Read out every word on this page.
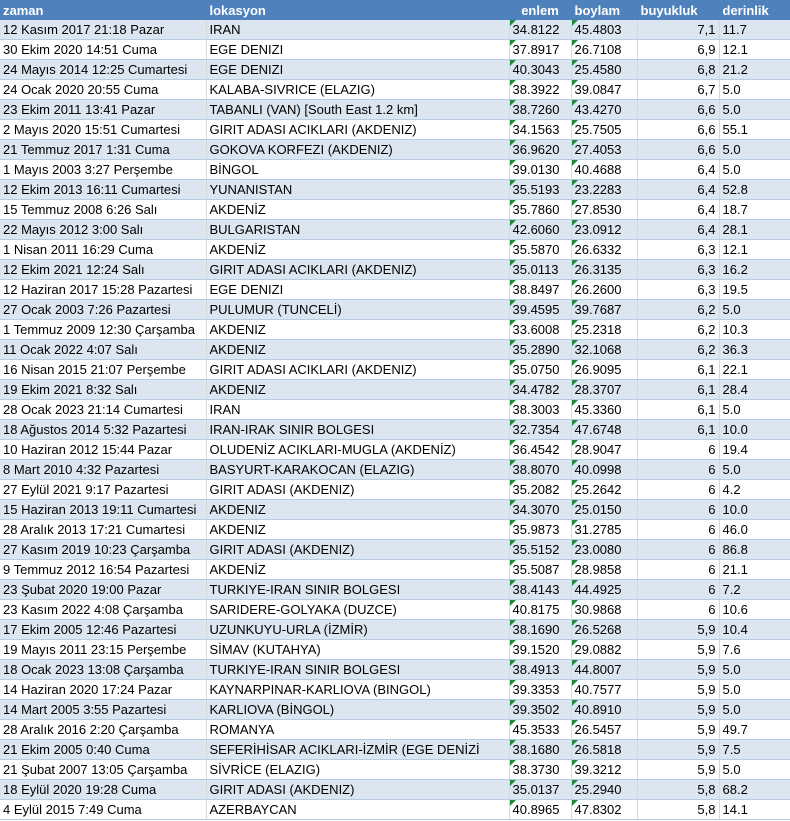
zaman	lokasyon	enlem	boylam	buyukluk	derinlik
12 Kasım 2017 21:18 Pazar	IRAN	34.8122	45.4803	7,1	11.7
30 Ekim 2020 14:51 Cuma	EGE DENIZI	37.8917	26.7108	6,9	12.1
24 Mayıs 2014 12:25 Cumartesi	EGE DENIZI	40.3043	25.4580	6,8	21.2
24 Ocak 2020 20:55 Cuma	KALABA-SIVRICE (ELAZIG)	38.3922	39.0847	6,7	5.0
23 Ekim 2011 13:41 Pazar	TABANLI (VAN) [South East 1.2 km]	38.7260	43.4270	6,6	5.0
2 Mayıs 2020 15:51 Cumartesi	GIRIT ADASI ACIKLARI (AKDENIZ)	34.1563	25.7505	6,6	55.1
21 Temmuz 2017 1:31 Cuma	GOKOVA KORFEZI (AKDENIZ)	36.9620	27.4053	6,6	5.0
1 Mayıs 2003 3:27 Perşembe	BİNGOL	39.0130	40.4688	6,4	5.0
12 Ekim 2013 16:11 Cumartesi	YUNANISTAN	35.5193	23.2283	6,4	52.8
15 Temmuz 2008 6:26 Salı	AKDENİZ	35.7860	27.8530	6,4	18.7
22 Mayıs 2012 3:00 Salı	BULGARISTAN	42.6060	23.0912	6,4	28.1
1 Nisan 2011 16:29 Cuma	AKDENİZ	35.5870	26.6332	6,3	12.1
12 Ekim 2021 12:24 Salı	GIRIT ADASI ACIKLARI (AKDENIZ)	35.0113	26.3135	6,3	16.2
12 Haziran 2017 15:28 Pazartesi	EGE DENIZI	38.8497	26.2600	6,3	19.5
27 Ocak 2003 7:26 Pazartesi	PULUMUR (TUNCELİ)	39.4595	39.7687	6,2	5.0
1 Temmuz 2009 12:30 Çarşamba	AKDENIZ	33.6008	25.2318	6,2	10.3
11 Ocak 2022 4:07 Salı	AKDENIZ	35.2890	32.1068	6,2	36.3
16 Nisan 2015 21:07 Perşembe	GIRIT ADASI ACIKLARI (AKDENIZ)	35.0750	26.9095	6,1	22.1
19 Ekim 2021 8:32 Salı	AKDENIZ	34.4782	28.3707	6,1	28.4
28 Ocak 2023 21:14 Cumartesi	IRAN	38.3003	45.3360	6,1	5.0
18 Ağustos 2014 5:32 Pazartesi	IRAN-IRAK SINIR BOLGESI	32.7354	47.6748	6,1	10.0
10 Haziran 2012 15:44 Pazar	OLUDENİZ ACIKLARI-MUGLA (AKDENİZ)	36.4542	28.9047	6	19.4
8 Mart 2010 4:32 Pazartesi	BASYURT-KARAKOCAN (ELAZIG)	38.8070	40.0998	6	5.0
27 Eylül 2021 9:17 Pazartesi	GIRIT ADASI (AKDENIZ)	35.2082	25.2642	6	4.2
15 Haziran 2013 19:11 Cumartesi	AKDENIZ	34.3070	25.0150	6	10.0
28 Aralık 2013 17:21 Cumartesi	AKDENIZ	35.9873	31.2785	6	46.0
27 Kasım 2019 10:23 Çarşamba	GIRIT ADASI (AKDENIZ)	35.5152	23.0080	6	86.8
9 Temmuz 2012 16:54 Pazartesi	AKDENİZ	35.5087	28.9858	6	21.1
23 Şubat 2020 19:00 Pazar	TURKIYE-IRAN SINIR BOLGESI	38.4143	44.4925	6	7.2
23 Kasım 2022 4:08 Çarşamba	SARIDERE-GOLYAKA (DUZCE)	40.8175	30.9868	6	10.6
17 Ekim 2005 12:46 Pazartesi	UZUNKUYU-URLA (İZMİR)	38.1690	26.5268	5,9	10.4
19 Mayıs 2011 23:15 Perşembe	SİMAV (KUTAHYA)	39.1520	29.0882	5,9	7.6
18 Ocak 2023 13:08 Çarşamba	TURKIYE-IRAN SINIR BOLGESI	38.4913	44.8007	5,9	5.0
14 Haziran 2020 17:24 Pazar	KAYNARPINAR-KARLIOVA (BINGOL)	39.3353	40.7577	5,9	5.0
14 Mart 2005 3:55 Pazartesi	KARLIOVA (BİNGOL)	39.3502	40.8910	5,9	5.0
28 Aralık 2016 2:20 Çarşamba	ROMANYA	45.3533	26.5457	5,9	49.7
21 Ekim 2005 0:40 Cuma	SEFERİHİSAR ACIKLARI-İZMİR (EGE DENİZİ	38.1680	26.5818	5,9	7.5
21 Şubat 2007 13:05 Çarşamba	SİVRİCE (ELAZIG)	38.3730	39.3212	5,9	5.0
18 Eylül 2020 19:28 Cuma	GIRIT ADASI (AKDENIZ)	35.0137	25.2940	5,8	68.2
4 Eylül 2015 7:49 Cuma	AZERBAYCAN	40.8965	47.8302	5,8	14.1
